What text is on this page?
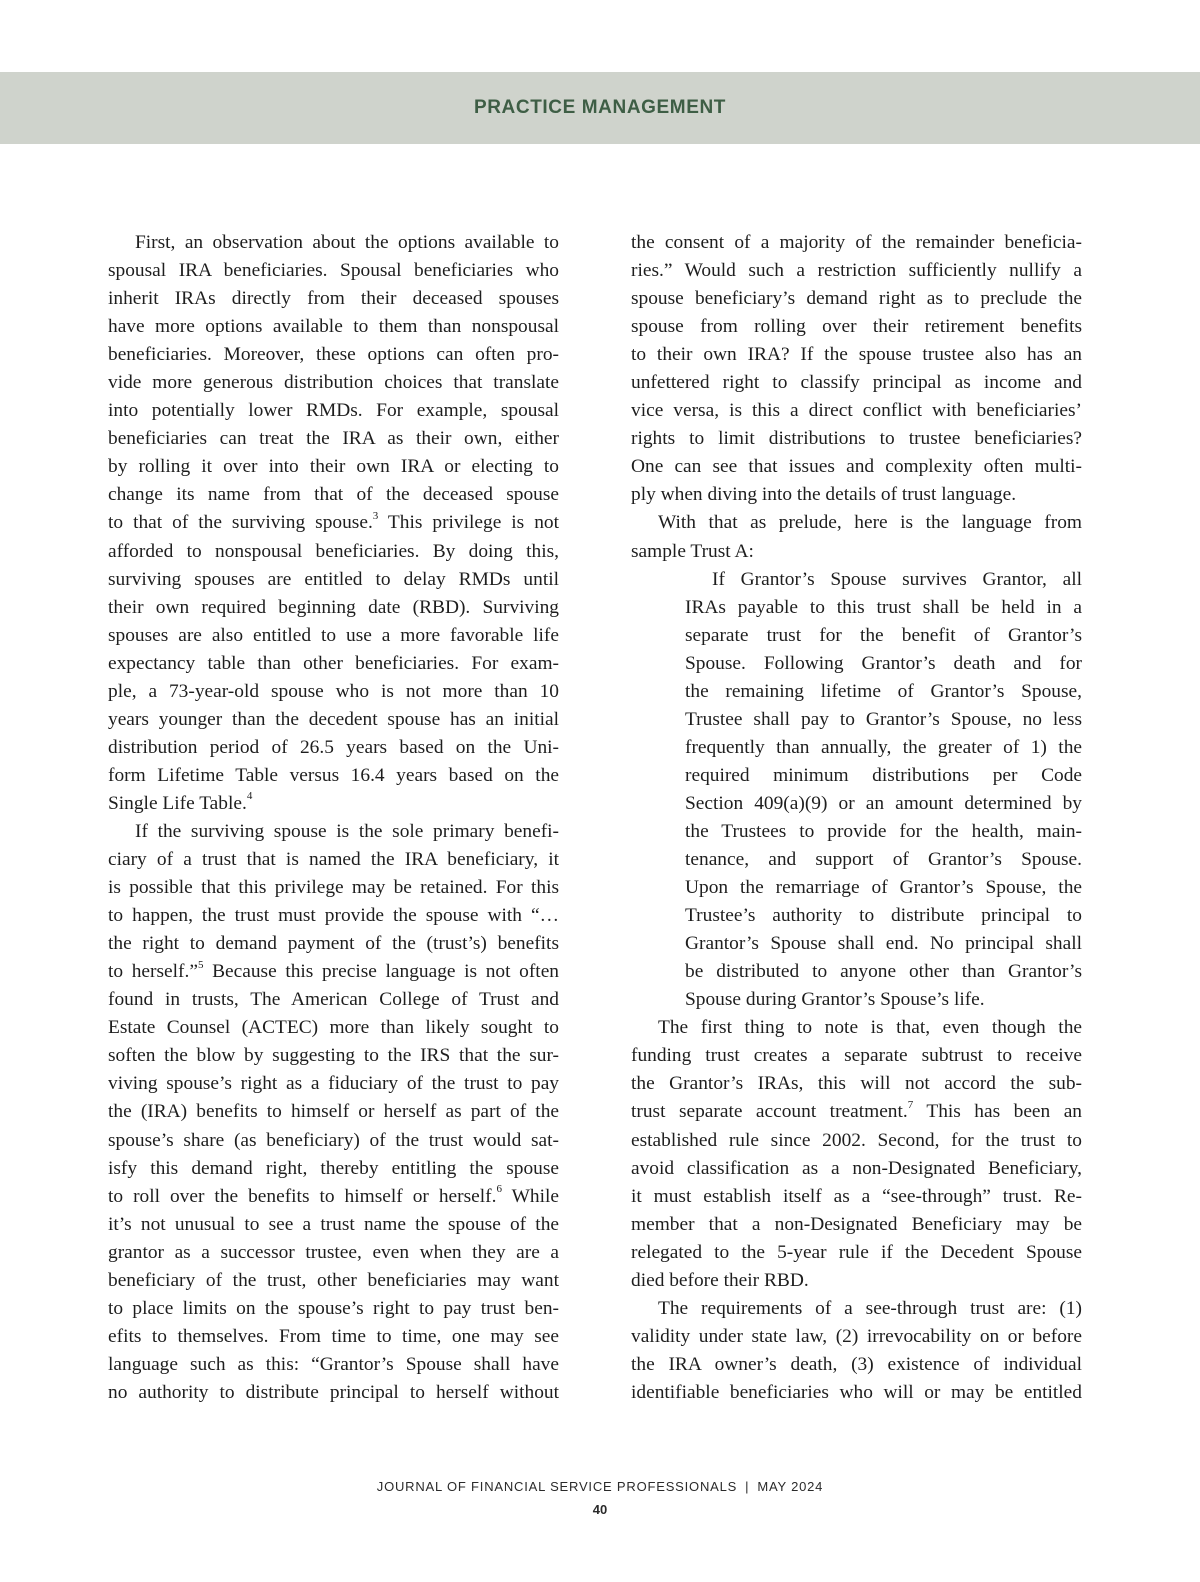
PRACTICE MANAGEMENT
First, an observation about the options available to
spousal IRA beneficiaries. Spousal beneficiaries who
inherit IRAs directly from their deceased spouses
have more options available to them than nonspousal
beneficiaries. Moreover, these options can often pro-
vide more generous distribution choices that translate
into potentially lower RMDs. For example, spousal
beneficiaries can treat the IRA as their own, either
by rolling it over into their own IRA or electing to
change its name from that of the deceased spouse
to that of the surviving spouse.$^3$ This privilege is not
afforded to nonspousal beneficiaries. By doing this,
surviving spouses are entitled to delay RMDs until
their own required beginning date (RBD). Surviving
spouses are also entitled to use a more favorable life
expectancy table than other beneficiaries. For exam-
ple, a 73-year-old spouse who is not more than 10
years younger than the decedent spouse has an initial
distribution period of 26.5 years based on the Uni-
form Lifetime Table versus 16.4 years based on the
Single Life Table.$^4$
If the surviving spouse is the sole primary benefi-
ciary of a trust that is named the IRA beneficiary, it
is possible that this privilege may be retained. For this
to happen, the trust must provide the spouse with “…
the right to demand payment of the (trust’s) benefits
to herself.”$^5$ Because this precise language is not often
found in trusts, The American College of Trust and
Estate Counsel (ACTEC) more than likely sought to
soften the blow by suggesting to the IRS that the sur-
viving spouse’s right as a fiduciary of the trust to pay
the (IRA) benefits to himself or herself as part of the
spouse’s share (as beneficiary) of the trust would sat-
isfy this demand right, thereby entitling the spouse
to roll over the benefits to himself or herself.$^6$ While
it’s not unusual to see a trust name the spouse of the
grantor as a successor trustee, even when they are a
beneficiary of the trust, other beneficiaries may want
to place limits on the spouse’s right to pay trust ben-
efits to themselves. From time to time, one may see
language such as this: “Grantor’s Spouse shall have
no authority to distribute principal to herself without
the consent of a majority of the remainder beneficia-
ries.” Would such a restriction sufficiently nullify a
spouse beneficiary’s demand right as to preclude the
spouse from rolling over their retirement benefits
to their own IRA? If the spouse trustee also has an
unfettered right to classify principal as income and
vice versa, is this a direct conflict with beneficiaries’
rights to limit distributions to trustee beneficiaries?
One can see that issues and complexity often multi-
ply when diving into the details of trust language.
With that as prelude, here is the language from
sample Trust A:
If Grantor’s Spouse survives Grantor, all
IRAs payable to this trust shall be held in a
separate trust for the benefit of Grantor’s
Spouse. Following Grantor’s death and for
the remaining lifetime of Grantor’s Spouse,
Trustee shall pay to Grantor’s Spouse, no less
frequently than annually, the greater of 1) the
required minimum distributions per Code
Section 409(a)(9) or an amount determined by
the Trustees to provide for the health, main-
tenance, and support of Grantor’s Spouse.
Upon the remarriage of Grantor’s Spouse, the
Trustee’s authority to distribute principal to
Grantor’s Spouse shall end. No principal shall
be distributed to anyone other than Grantor’s
Spouse during Grantor’s Spouse’s life.
The first thing to note is that, even though the
funding trust creates a separate subtrust to receive
the Grantor’s IRAs, this will not accord the sub-
trust separate account treatment.$^7$ This has been an
established rule since 2002. Second, for the trust to
avoid classification as a non-Designated Beneficiary,
it must establish itself as a “see-through” trust. Re-
member that a non-Designated Beneficiary may be
relegated to the 5-year rule if the Decedent Spouse
died before their RBD.
The requirements of a see-through trust are: (1)
validity under state law, (2) irrevocability on or before
the IRA owner’s death, (3) existence of individual
identifiable beneficiaries who will or may be entitled
JOURNAL OF FINANCIAL SERVICE PROFESSIONALS | MAY 2024
40
